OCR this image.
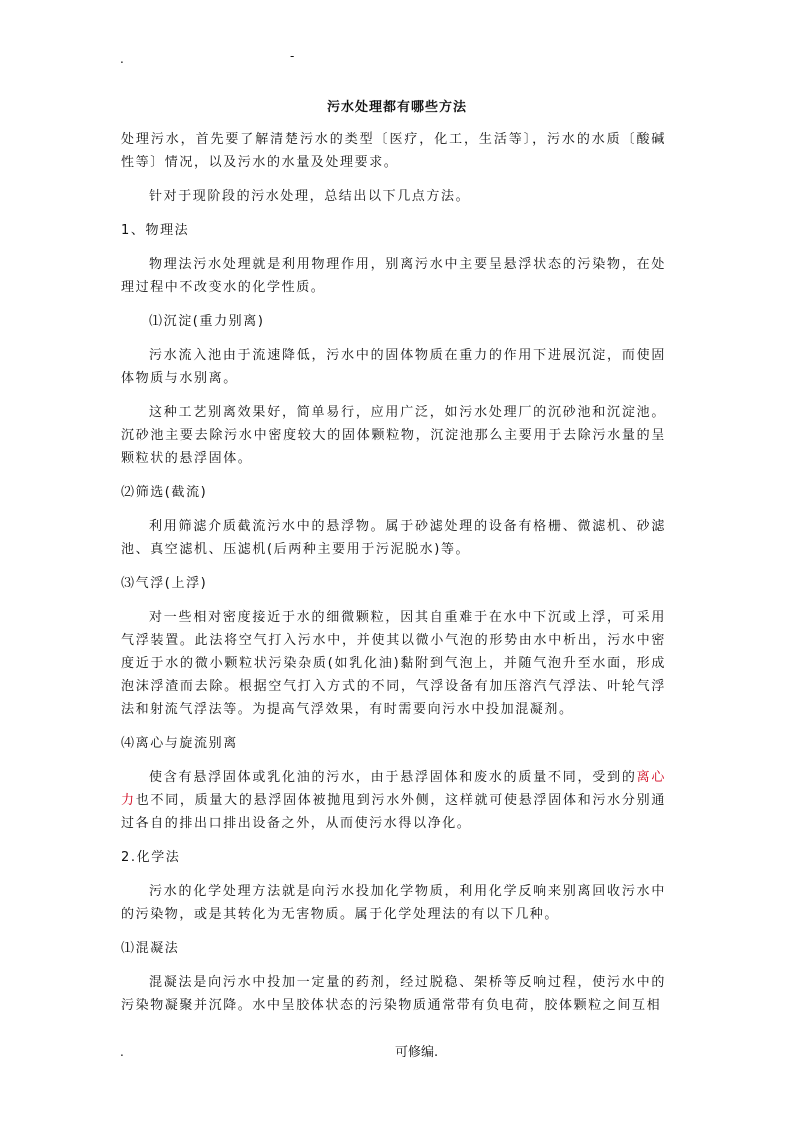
.	-
污水处理都有哪些方法

处理污水，首先要了解清楚污水的类型〔医疗，化工，生活等〕，污水的水质〔酸碱性等〕情况，以及污水的水量及处理要求。

针对于现阶段的污水处理，总结出以下几点方法。

1、物理法

物理法污水处理就是利用物理作用，别离污水中主要呈悬浮状态的污染物，在处理过程中不改变水的化学性质。

⑴沉淀(重力别离)

污水流入池由于流速降低，污水中的固体物质在重力的作用下进展沉淀，而使固体物质与水别离。

这种工艺别离效果好，简单易行，应用广泛，如污水处理厂的沉砂池和沉淀池。沉砂池主要去除污水中密度较大的固体颗粒物，沉淀池那么主要用于去除污水量的呈颗粒状的悬浮固体。

⑵筛选(截流)

利用筛滤介质截流污水中的悬浮物。属于砂滤处理的设备有格栅、微滤机、砂滤池、真空滤机、压滤机(后两种主要用于污泥脱水)等。

⑶气浮(上浮)

对一些相对密度接近于水的细微颗粒，因其自重难于在水中下沉或上浮，可采用气浮装置。此法将空气打入污水中，并使其以微小气泡的形势由水中析出，污水中密度近于水的微小颗粒状污染杂质(如乳化油)黏附到气泡上，并随气泡升至水面，形成泡沫浮渣而去除。根据空气打入方式的不同，气浮设备有加压溶汽气浮法、叶轮气浮法和射流气浮法等。为提高气浮效果，有时需要向污水中投加混凝剂。

⑷离心与旋流别离

使含有悬浮固体或乳化油的污水，由于悬浮固体和废水的质量不同，受到的离心力也不同，质量大的悬浮固体被抛甩到污水外侧，这样就可使悬浮固体和污水分别通过各自的排出口排出设备之外，从而使污水得以净化。

2.化学法

污水的化学处理方法就是向污水投加化学物质，利用化学反响来别离回收污水中的污染物，或是其转化为无害物质。属于化学处理法的有以下几种。

⑴混凝法

混凝法是向污水中投加一定量的药剂，经过脱稳、架桥等反响过程，使污水中的污染物凝聚并沉降。水中呈胶体状态的污染物质通常带有负电荷，胶体颗粒之间互相

.	可修编.
